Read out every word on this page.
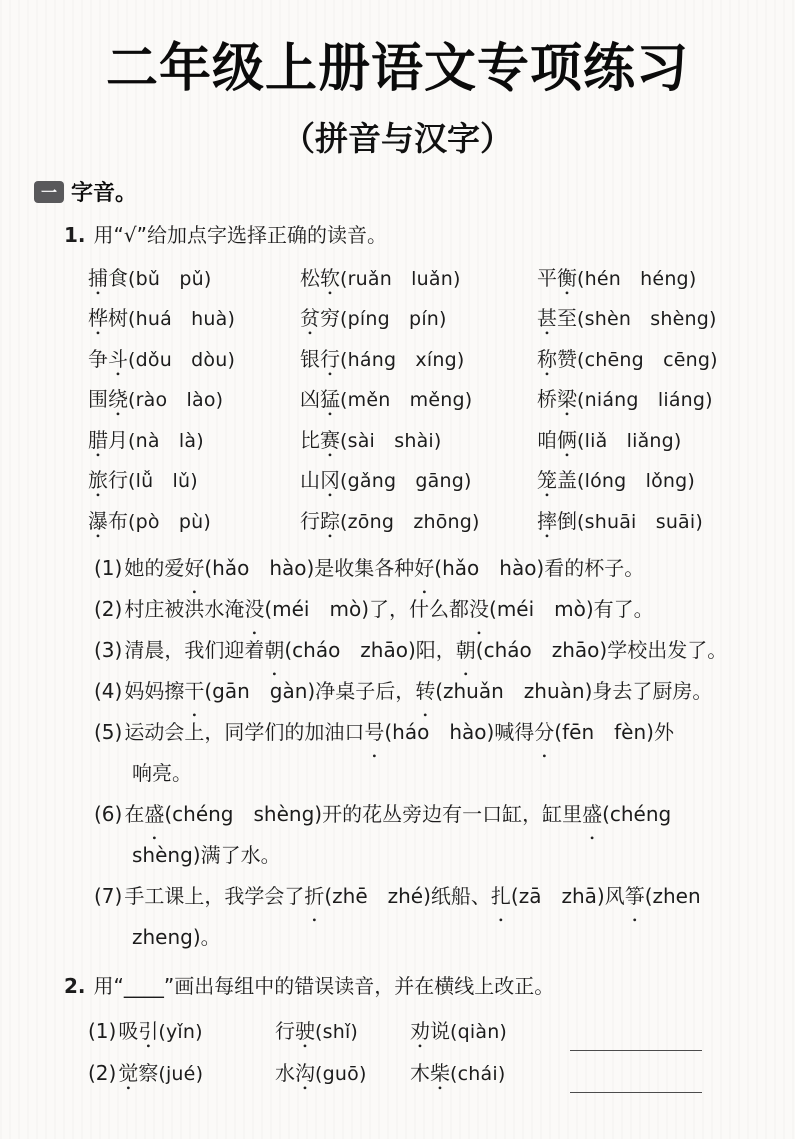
二年级上册语文专项练习
（拼音与汉字）
一 字音。
1. 用“√”给加点字选择正确的读音。
捕食(bǔ　pǔ)	松软(ruǎn　luǎn)	平衡(hén　héng)
桦树(huá　huà)	贫穷(píng　pín)	甚至(shèn　shèng)
争斗(dǒu　dòu)	银行(háng　xíng)	称赞(chēng　cēng)
围绕(rào　lào)	凶猛(měn　měng)	桥梁(niáng　liáng)
腊月(nà　là)	比赛(sài　shài)	咱俩(liǎ　liǎng)
旅行(lǚ　lǔ)	山冈(gǎng　gāng)	笼盖(lóng　lǒng)
瀑布(pò　pù)	行踪(zōng　zhōng)	摔倒(shuāi　suāi)
(1) 她的爱好(hǎo　hào)是收集各种好(hǎo　hào)看的杯子。
(2) 村庄被洪水淹没(méi　mò)了，什么都没(méi　mò)有了。
(3) 清晨，我们迎着朝(cháo　zhāo)阳，朝(cháo　zhāo)学校出发了。
(4) 妈妈擦干(gān　gàn)净桌子后，转(zhuǎn　zhuàn)身去了厨房。
(5) 运动会上，同学们的加油口号(háo　hào)喊得分(fēn　fèn)外
响亮。
(6) 在盛(chéng　shèng)开的花丛旁边有一口缸，缸里盛(chéng
shèng)满了水。
(7) 手工课上，我学会了折(zhē　zhé)纸船、扎(zā　zhā)风筝(zhen
zheng)。
2. 用“____”画出每组中的错误读音，并在横线上改正。
(1) 吸引(yǐn)	行驶(shǐ)	劝说(qiàn)
(2) 觉察(jué)	水沟(guō)	木柴(chái)
